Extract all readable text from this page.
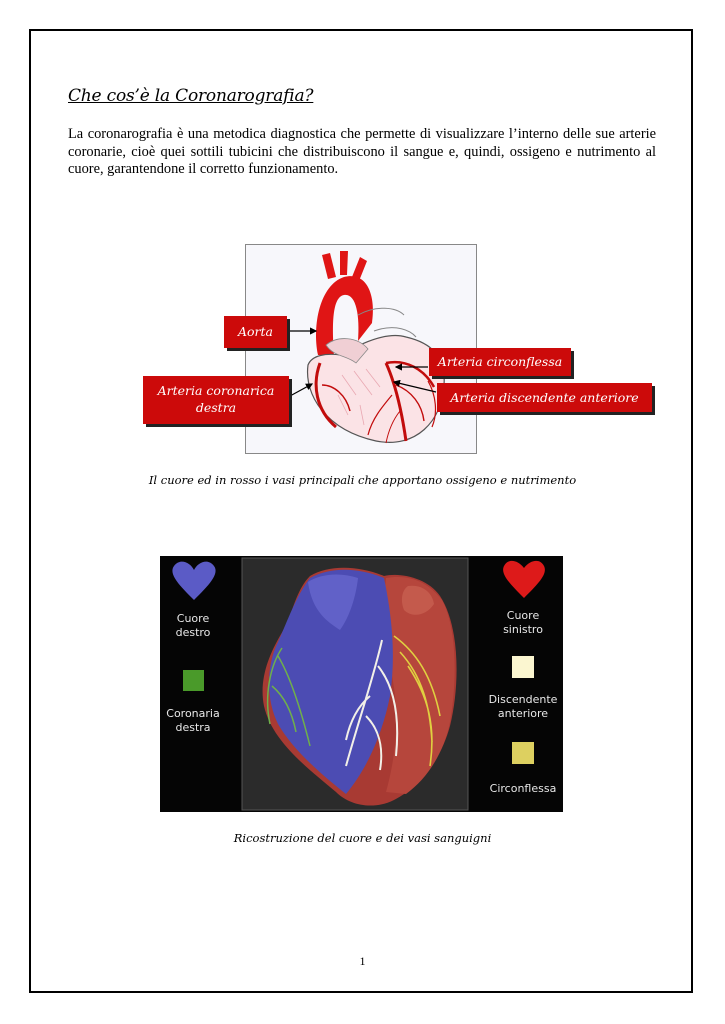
Che cos’è la Coronarografia?

La coronarografia è una metodica diagnostica che permette di visualizzare l’interno delle sue arterie coronarie, cioè quei sottili tubicini che distribuiscono il sangue e, quindi, ossigeno e nutrimento al cuore, garantendone il corretto funzionamento.

Aorta
Arteria circonflessa
Arteria coronarica
destra
Arteria discendente anteriore

Il cuore ed in rosso i vasi principali che apportano ossigeno e nutrimento

Cuore destro
Coronaria destra
Cuore sinistro
Discendente anteriore
Circonflessa

Ricostruzione del cuore e dei vasi sanguigni

1
